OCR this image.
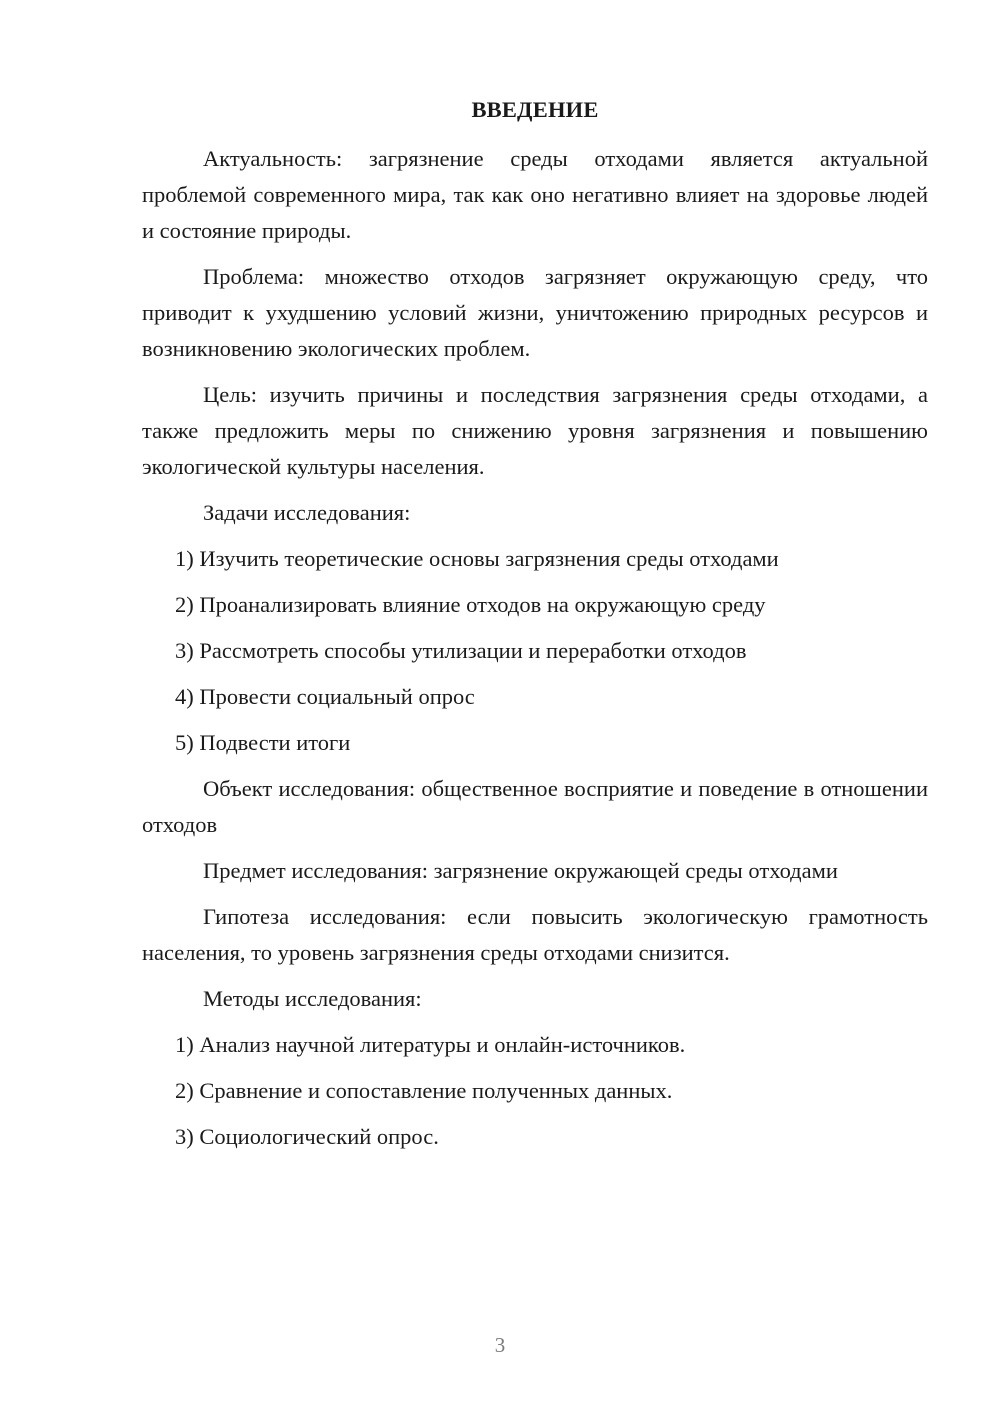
ВВЕДЕНИЕ

Актуальность: загрязнение среды отходами является актуальной проблемой современного мира, так как оно негативно влияет на здоровье людей и состояние природы.

Проблема: множество отходов загрязняет окружающую среду, что приводит к ухудшению условий жизни, уничтожению природных ресурсов и возникновению экологических проблем.

Цель: изучить причины и последствия загрязнения среды отходами, а также предложить меры по снижению уровня загрязнения и повышению экологической культуры населения.

Задачи исследования:

1) Изучить теоретические основы загрязнения среды отходами
2) Проанализировать влияние отходов на окружающую среду
3) Рассмотреть способы утилизации и переработки отходов
4) Провести социальный опрос
5) Подвести итоги

Объект исследования: общественное восприятие и поведение в отношении отходов

Предмет исследования: загрязнение окружающей среды отходами

Гипотеза исследования: если повысить экологическую грамотность населения, то уровень загрязнения среды отходами снизится.

Методы исследования:

1) Анализ научной литературы и онлайн-источников.
2) Сравнение и сопоставление полученных данных.
3) Социологический опрос.
3
